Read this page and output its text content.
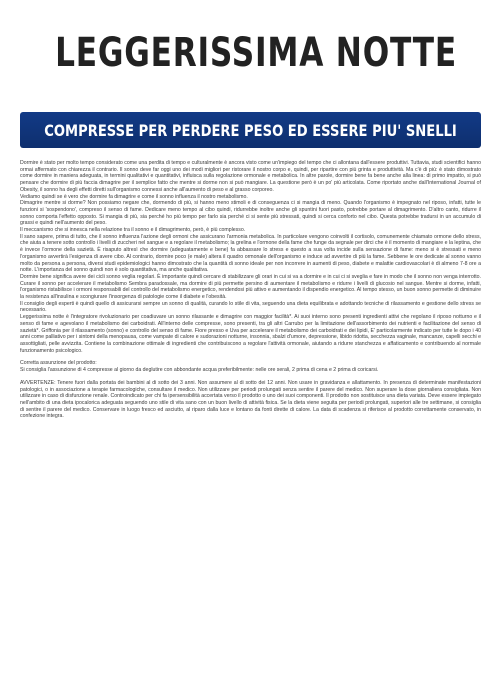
LEGGERISSIMA NOTTE
COMPRESSE PER PERDERE PESO ED ESSERE PIU' SNELLI

Dormire è stato per molto tempo considerato come una perdita di tempo e culturalmente è ancora visto come un'impiego del tempo che ci allontana dall'essere produttivi. Tuttavia, studi scientifici hanno ormai affermato con chiarezza il contrario. Il sonno deve far oggi uno dei modi migliori per ristorare il nostro corpo e, quindi, per ripartire con più grinta e produttività. Ma c'è di più: è stato dimostrato come dormire in maniera adeguata, in termini qualitativi e quantitativi, influisca sulla regolazione ormonale e metabolica. In altre parole, dormire bene fa bene anche alla linea: di primo impatto, si può pensare che dormire di più faccia dimagrire per il semplice fatto che mentre si dorme non si può mangiare. La questione però è un po' più articolata. Come riportato anche dall'International Journal of Obesity, il sonno ha degli effetti diretti sull'organismo connessi anche all'aumento di peso e al grasso corporeo.

Vediamo quindi se è vero che dormire fa dimagrire e come il sonno influenza il nostro metabolismo.

Dimagrire mentre si dorme? Non possiamo negare che, dormendo di più, si hanno meno stimoli e di conseguenza ci si mangia di meno. Quando l'organismo è impegnato nel riposo, infatti, tutte le funzioni si 'sospendono', compreso il senso di fame. Dedicare meno tempo al cibo quindi, ridurrebbe inoltre anche gli spuntini fuori pasto, potrebbe portare al dimagrimento. D'altro canto, ridurre il sonno comporta l'effetto opposto. Si mangia di più, sia perché ho più tempo per farlo sia perché ci si sente più stressati, quindi si cerca conforto nel cibo. Questa potrebbe tradursi in un accumulo di grassi e quindi nell'aumento del peso.

Il meccanismo che si innesca nella relazione tra il sonno e il dimagrimento, però, è più complesso.

Il sano sapere, prima di tutto, che il sonno influenza l'azione degli ormoni che assicurano l'armonia metabolica. In particolare vengono coinvolti il cortisolo, comunemente chiamato ormone dello stress, che aiuta a tenere sotto controllo i livelli di zuccheri nel sangue e a regolare il metabolismo; la grelina e l'ormone della fame che funge da segnale per dirci che è il momento di mangiare e la leptina, che è invece l'ormone della sazietà. È risaputo altresì che dormire (adeguatamente e bene) fa abbassare lo stress e questo a sua volta incide sulla sensazione di fame: meno si è stressati e meno l'organismo avvertirà l'esigenza di avere cibo. Al contrario, dormire poco (e male) altera il quadro ormonale dell'organismo e induce ad avvertire di più la fame. Sebbene le ore dedicate al sonno vanno molto da persona a persona, diversi studi epidemiologici hanno dimostrato che la quantità di sonno ideale per non incorrere in aumenti di peso, diabete e malattie cardiovascolari è di almeno 7-8 ore a notte. L'importanza del sonno quindi non è solo quantitativa, ma anche qualitativa.

Dormire bene significa avere dei cicli sonno veglia regolari. È importante quindi cercare di stabilizzare gli orari in cui si va a dormire e in cui ci si sveglia e fare in modo che il sonno non venga interrotto. Curare il sonno per accelerare il metabolismo Sembra paradossale, ma dormire di più permette persino di aumentare il metabolismo e ridurre i livelli di glucosio nel sangue. Mentre si dorme, infatti, l'organismo ristabilisce i ormoni responsabili del controllo del metabolismo energetico, rendendosi più attivo e aumentando il dispendio energetico. Al tempo stesso, un buon sonno permette di diminuire la resistenza all'insulina e scongiurare l'insorgenza di patologie come il diabete e l'obesità.

Il consiglio degli esperti è quindi quello di assicurarsi sempre un sonno di qualità, curando lo stile di vita, seguendo una dieta equilibrata e adottando tecniche di rilassamento e gestione dello stress se necessario.

Leggerissima notte è l'integratore rivoluzionario per coadiuvare un sonno rilassante e dimagrire con maggior facilità*. Ai suoi interno sono presenti ingredienti attivi che regolano il riposo notturno e il senso di fame e agevolano il metabolismo dei carboidrati. All'interno delle compresse, sono presenti, tra gli altri Carrubo per la limitazione dell'assorbimento dei nutrienti e facilitazione del senso di sazietà*. Griffonia per il rilassamento (sonno) e controllo del senso di fame. Fiore presso e Uva per accelerare il metabolismo dei carboidrati e dei lipidi, E' particolarmente indicato per tutte le dopo i 40 anni come palliativo per i sintomi della menopausa, come vampate di calore e sudorazioni notturne, insonnia, sbalzi d'umore, depressione, libido ridotta, secchezza vaginale, mancanze, capelli secchi e assottigliati, pelle avvizzita. Contiene la combinazione ottimale di ingredienti che contribuiscono a regolare l'attività ormonale, aiutando a ridurre stanchezza e affaticamento e contribuendo al normale funzionamento psicologico.

Corretta assunzione del prodotto:

Si consiglia l'assunzione di 4 compresse al giorno da deglutire con abbondante acqua preferibilmente: nelle ore serali, 2 prima di cena e 2 prima di coricarsi.

AVVERTENZE: Tenere fuori dalla portata dei bambini al di sotto dei 3 anni. Non assumere al di sotto dei 12 anni. Non usare in gravidanza e allattamento. In presenza di determinate manifestazioni patologici, o in associazione a terapie farmacologiche, consultare il medico. Non utilizzare per periodi prolungati senza sentire il parere del medico. Non superare la dose giornaliera consigliata. Non utilizzare in caso di disfunzione renale. Controindicato per chi fa ipersensibilità accertata verso il prodotto o uno dei suoi componenti. Il prodotto non sostituisce una dieta variata. Deve essere impiegato nell'ambito di una dieta ipocalorica adeguata seguendo uno stile di vita sano con un buon livello di attività fisica. Se la dieta viene seguita per periodi prolungati, superiori alle tre settimane, si consiglia di sentire il parere del medico. Conservare in luogo fresco ed asciutto, al riparo dalla luce e lontano da fonti dirette di calore. La data di scadenza si riferisce al prodotto correttamente conservato, in confezione integra.
